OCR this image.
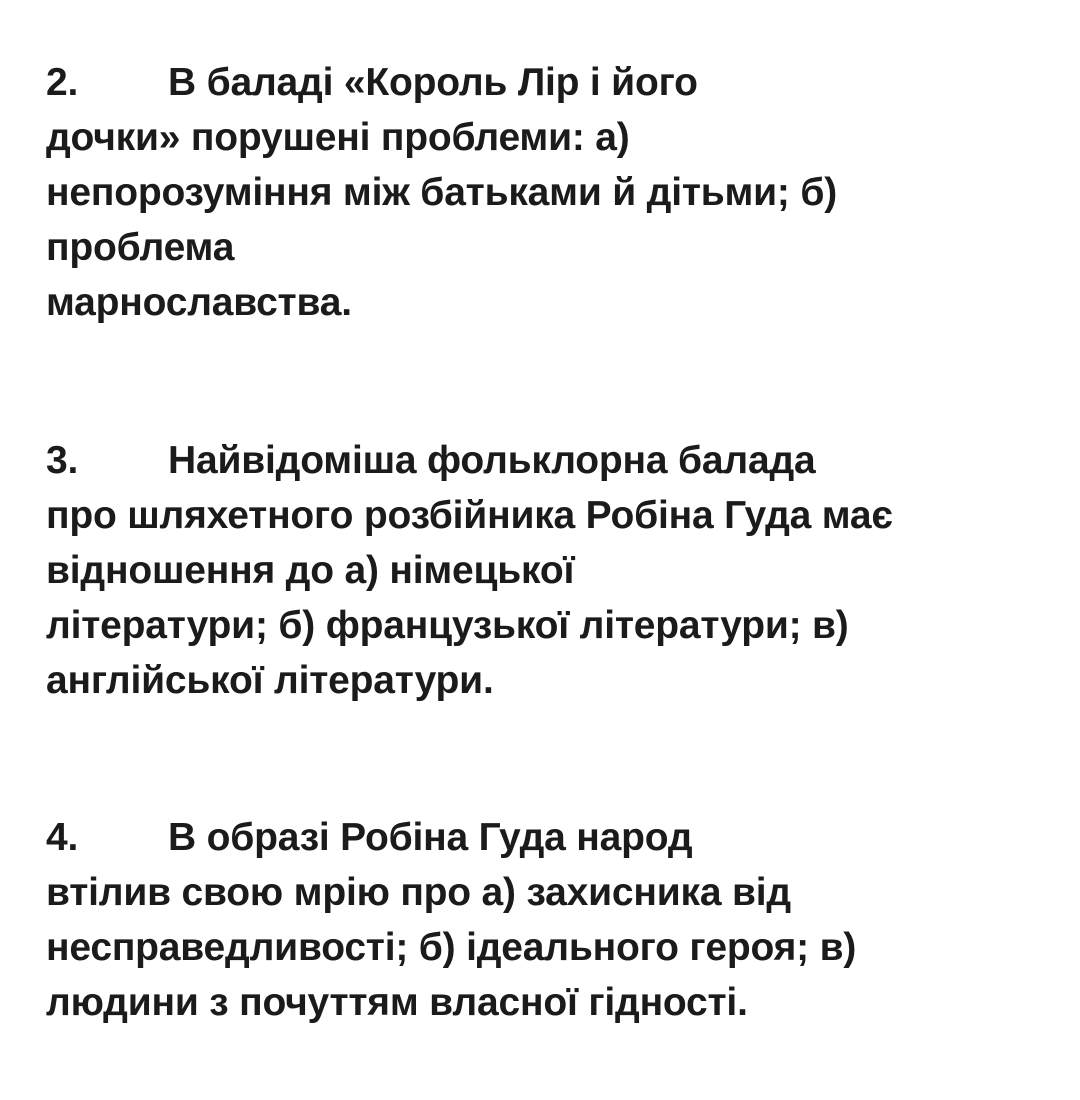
2. В баладі «Король Лір і його
дочки» порушені проблеми: а)
непорозуміння між батьками й дітьми; б)
проблема
марнославства.
3. Найвідоміша фольклорна балада
про шляхетного розбійника Робіна Гуда має
відношення до а) німецької
літератури; б) французької літератури; в)
англійської літератури.
4. В образі Робіна Гуда народ
втілив свою мрію про а) захисника від
несправедливості; б) ідеального героя; в)
людини з почуттям власної гідності.
